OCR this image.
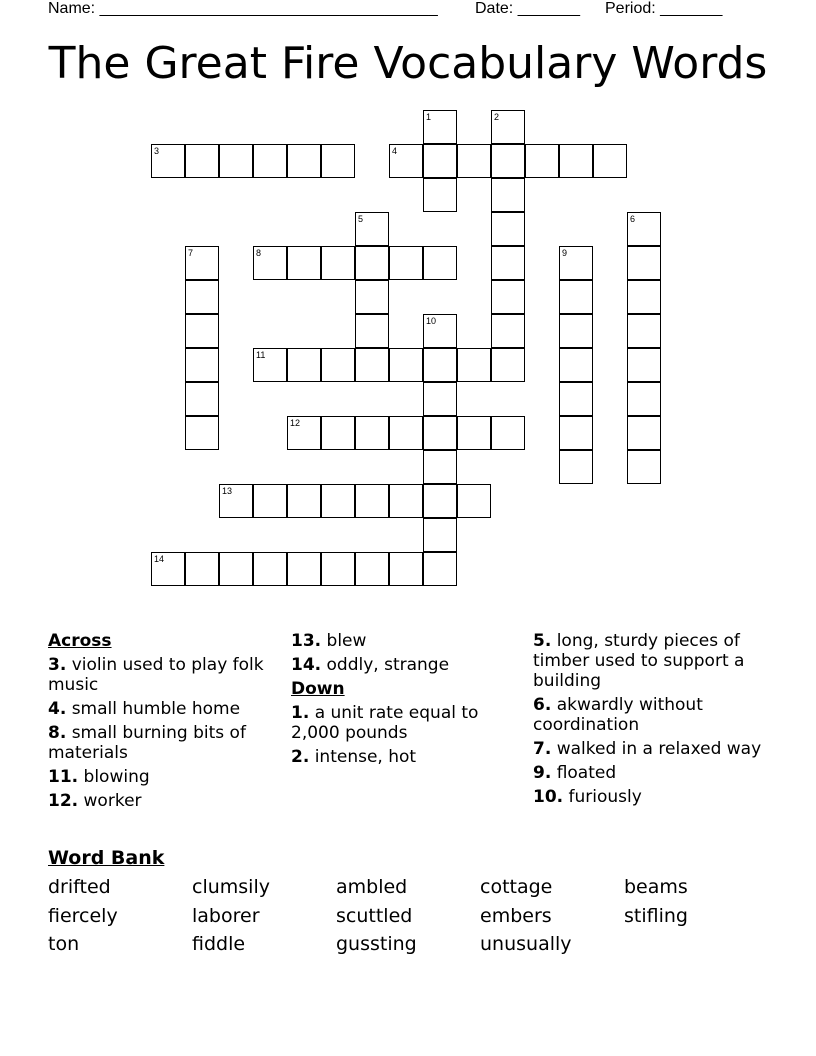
Name: ______________________________________ Date: _______ Period: _______
The Great Fire Vocabulary Words
1	2
3	4
5	6
7	8	9
10
11
12
13
14
Across
3. violin used to play folk music
4. small humble home
8. small burning bits of materials
11. blowing
12. worker
13. blew
14. oddly, strange
Down
1. a unit rate equal to 2,000 pounds
2. intense, hot
5. long, sturdy pieces of timber used to support a building
6. akwardly without coordination
7. walked in a relaxed way
9. floated
10. furiously
Word Bank
drifted	clumsily	ambled	cottage	beams
fiercely	laborer	scuttled	embers	stifling
ton	fiddle	gussting	unusually
